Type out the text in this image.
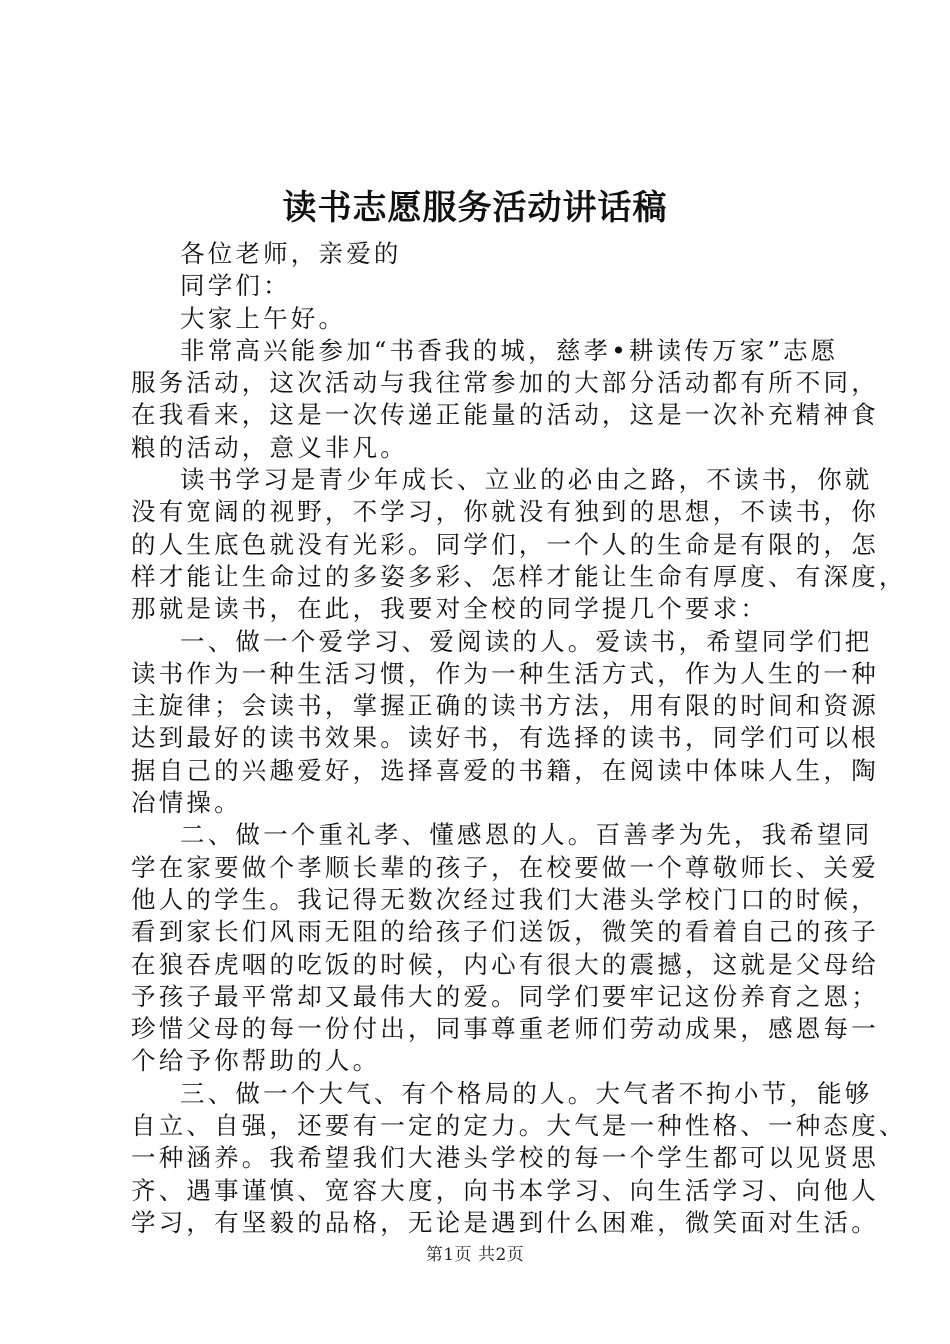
读书志愿服务活动讲话稿
各位老师，亲爱的
同学们：
大家上午好。
非常高兴能参加“书香我的城，慈孝•耕读传万家”志愿
服务活动，这次活动与我往常参加的大部分活动都有所不同，
在我看来，这是一次传递正能量的活动，这是一次补充精神食
粮的活动，意义非凡。
读书学习是青少年成长、立业的必由之路，不读书，你就
没有宽阔的视野，不学习，你就没有独到的思想，不读书，你
的人生底色就没有光彩。同学们，一个人的生命是有限的，怎
样才能让生命过的多姿多彩、怎样才能让生命有厚度、有深度，
那就是读书，在此，我要对全校的同学提几个要求：
一、做一个爱学习、爱阅读的人。爱读书，希望同学们把
读书作为一种生活习惯，作为一种生活方式，作为人生的一种
主旋律；会读书，掌握正确的读书方法，用有限的时间和资源
达到最好的读书效果。读好书，有选择的读书，同学们可以根
据自己的兴趣爱好，选择喜爱的书籍，在阅读中体味人生，陶
冶情操。
二、做一个重礼孝、懂感恩的人。百善孝为先，我希望同
学在家要做个孝顺长辈的孩子，在校要做一个尊敬师长、关爱
他人的学生。我记得无数次经过我们大港头学校门口的时候，
看到家长们风雨无阻的给孩子们送饭，微笑的看着自己的孩子
在狼吞虎咽的吃饭的时候，内心有很大的震撼，这就是父母给
予孩子最平常却又最伟大的爱。同学们要牢记这份养育之恩；
珍惜父母的每一份付出，同事尊重老师们劳动成果，感恩每一
个给予你帮助的人。
三、做一个大气、有个格局的人。大气者不拘小节，能够
自立、自强，还要有一定的定力。大气是一种性格、一种态度、
一种涵养。我希望我们大港头学校的每一个学生都可以见贤思
齐、遇事谨慎、宽容大度，向书本学习、向生活学习、向他人
学习，有坚毅的品格，无论是遇到什么困难，微笑面对生活。
第1页 共2页
